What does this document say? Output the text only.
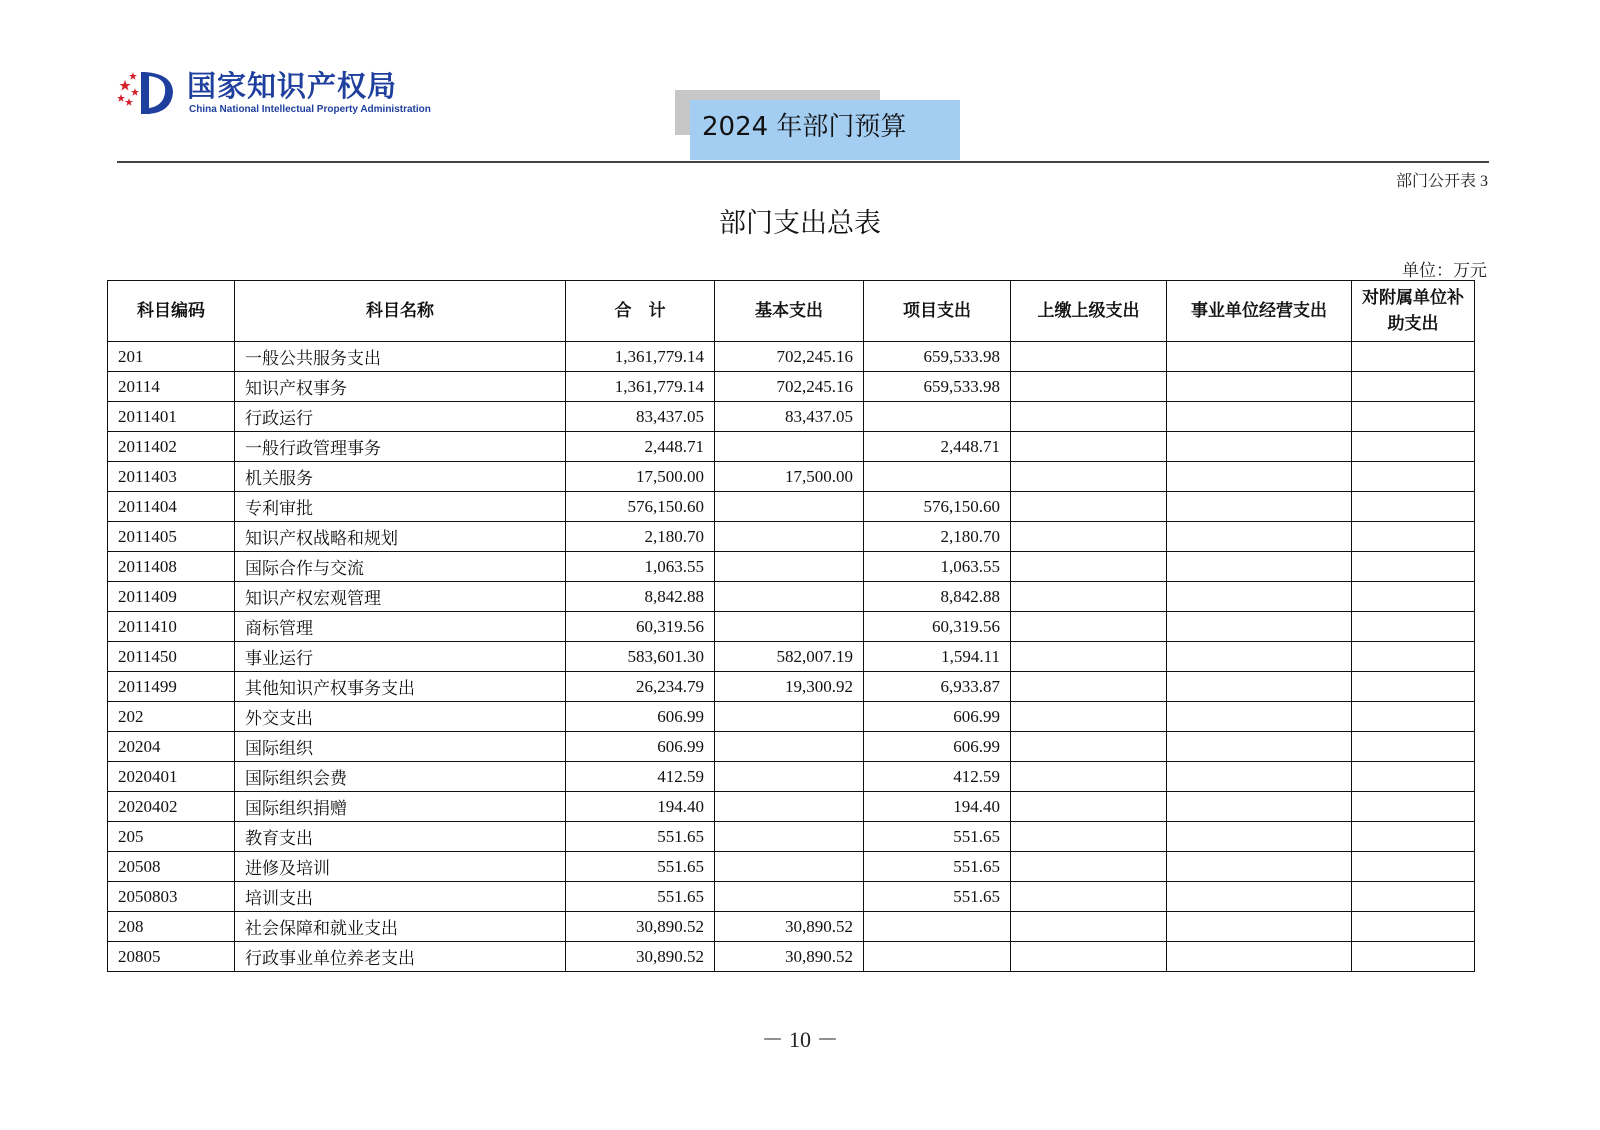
国家知识产权局
China National Intellectual Property Administration
2024 年部门预算
部门公开表 3
部门支出总表
单位：万元
科目编码	科目名称	合　计	基本支出	项目支出	上缴上级支出	事业单位经营支出	对附属单位补助支出
201	一般公共服务支出	1,361,779.14	702,245.16	659,533.98			
20114	知识产权事务	1,361,779.14	702,245.16	659,533.98			
2011401	行政运行	83,437.05	83,437.05				
2011402	一般行政管理事务	2,448.71		2,448.71			
2011403	机关服务	17,500.00	17,500.00				
2011404	专利审批	576,150.60		576,150.60			
2011405	知识产权战略和规划	2,180.70		2,180.70			
2011408	国际合作与交流	1,063.55		1,063.55			
2011409	知识产权宏观管理	8,842.88		8,842.88			
2011410	商标管理	60,319.56		60,319.56			
2011450	事业运行	583,601.30	582,007.19	1,594.11			
2011499	其他知识产权事务支出	26,234.79	19,300.92	6,933.87			
202	外交支出	606.99		606.99			
20204	国际组织	606.99		606.99			
2020401	国际组织会费	412.59		412.59			
2020402	国际组织捐赠	194.40		194.40			
205	教育支出	551.65		551.65			
20508	进修及培训	551.65		551.65			
2050803	培训支出	551.65		551.65			
208	社会保障和就业支出	30,890.52	30,890.52				
20805	行政事业单位养老支出	30,890.52	30,890.52				
－ 10 －
